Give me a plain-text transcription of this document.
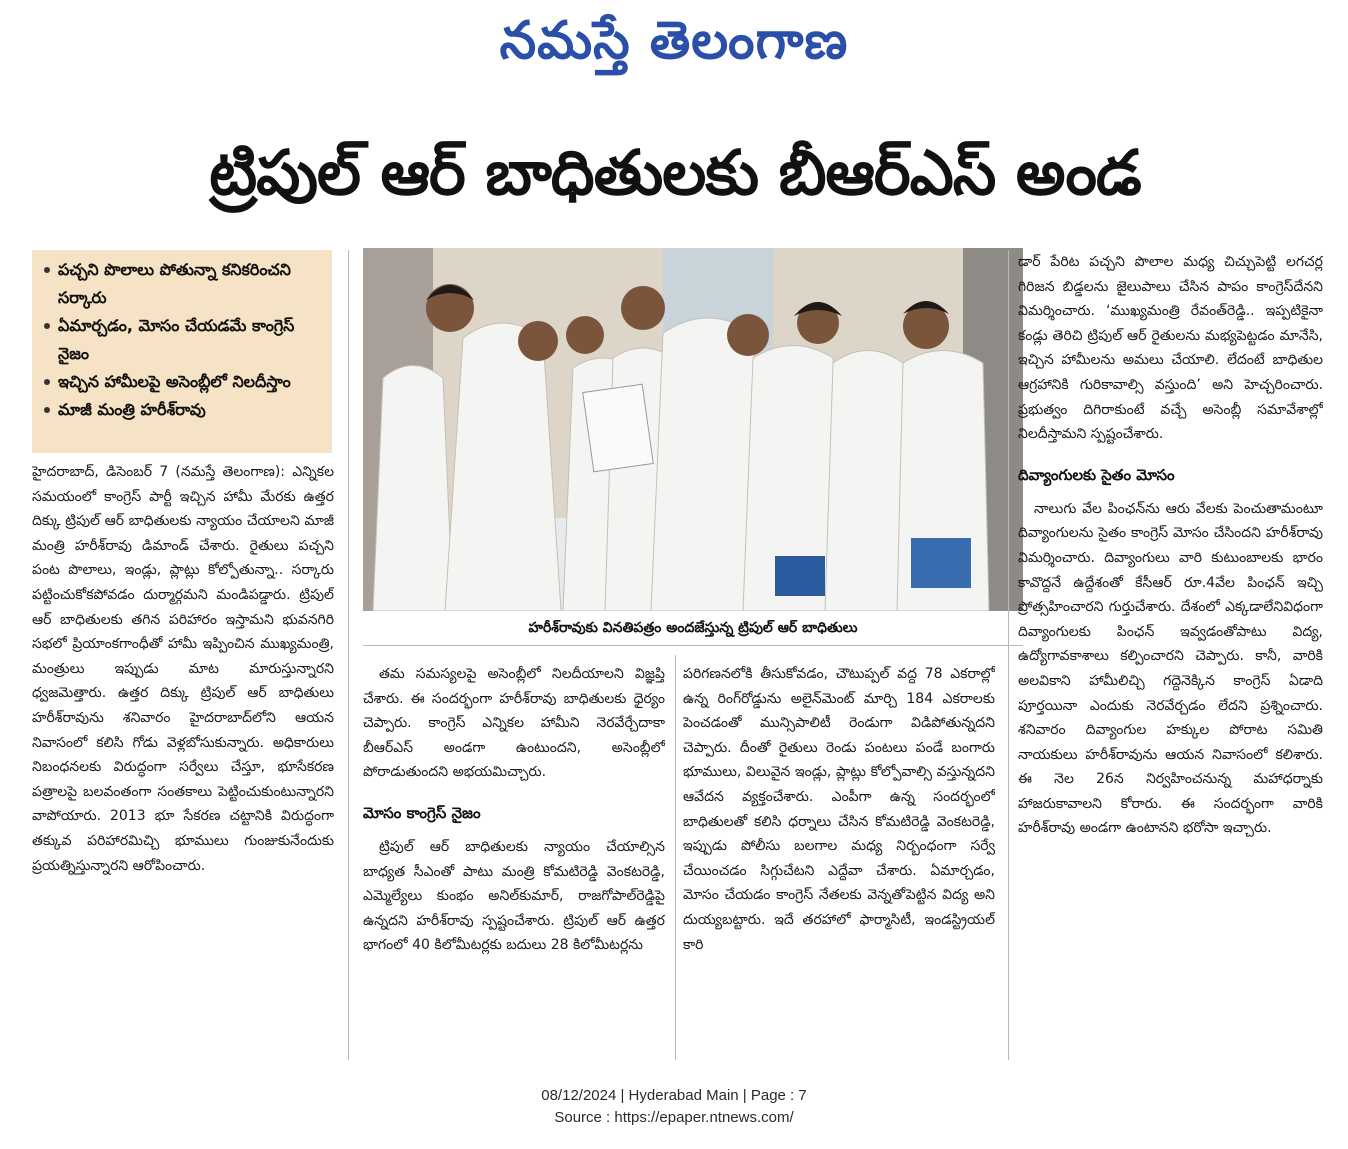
నమస్తే తెలంగాణ
ట్రిపుల్ ఆర్ బాధితులకు బీఆర్ఎస్ అండ
పచ్చని పొలాలు పోతున్నా కనికరించని సర్కారు
ఏమార్చడం, మోసం చేయడమే కాంగ్రెస్ నైజం
ఇచ్చిన హామీలపై అసెంబ్లీలో నిలదీస్తాం
మాజీ మంత్రి హరీశ్‌రావు

హైదరాబాద్, డిసెంబర్ 7 (నమస్తే తెలంగాణ): ఎన్నికల సమయంలో కాంగ్రెస్ పార్టీ ఇచ్చిన హామీ మేరకు ఉత్తర దిక్కు ట్రిపుల్ ఆర్ బాధితులకు న్యాయం చేయాలని మాజీ మంత్రి హరీశ్‌రావు డిమాండ్ చేశారు. రైతులు పచ్చని పంట పొలాలు, ఇండ్లు, ప్లాట్లు కోల్పోతున్నా.. సర్కారు పట్టించుకోకపోవడం దుర్మార్గమని మండిపడ్డారు. ట్రిపుల్ ఆర్ బాధితులకు తగిన పరిహారం ఇస్తామని భువనగిరి సభలో ప్రియాంకగాంధీతో హామీ ఇప్పించిన ముఖ్యమంత్రి, మంత్రులు ఇప్పుడు మాట మారుస్తున్నారని ధ్వజమెత్తారు. ఉత్తర దిక్కు ట్రిపుల్ ఆర్ బాధితులు హరీశ్‌రావును శనివారం హైదరాబాద్‌లోని ఆయన నివాసంలో కలిసి గోడు వెళ్లబోసుకున్నారు. అధికారులు నిబంధనలకు విరుద్ధంగా సర్వేలు చేస్తూ, భూసేకరణ పత్రాలపై బలవంతంగా సంతకాలు పెట్టించుకుంటున్నారని వాపోయారు. 2013 భూ సేకరణ చట్టానికి విరుద్ధంగా తక్కువ పరిహారమిచ్చి భూములు గుంజుకునేందుకు ప్రయత్నిస్తున్నారని ఆరోపించారు.

హరీశ్‌రావుకు వినతిపత్రం అందజేస్తున్న ట్రిపుల్ ఆర్ బాధితులు

తమ సమస్యలపై అసెంబ్లీలో నిలదీయాలని విజ్ఞప్తి చేశారు. ఈ సందర్భంగా హరీశ్‌రావు బాధితులకు ధైర్యం చెప్పారు. కాంగ్రెస్ ఎన్నికల హామీని నెరవేర్చేదాకా బీఆర్ఎస్ అండగా ఉంటుందని, అసెంబ్లీలో పోరాడుతుందని అభయమిచ్చారు.

మోసం కాంగ్రెస్ నైజం

ట్రిపుల్ ఆర్ బాధితులకు న్యాయం చేయాల్సిన బాధ్యత సీఎంతో పాటు మంత్రి కోమటిరెడ్డి వెంకటరెడ్డి, ఎమ్మెల్యేలు కుంభం అనిల్‌కుమార్, రాజగోపాల్‌రెడ్డిపై ఉన్నదని హరీశ్‌రావు స్పష్టంచేశారు. ట్రిపుల్ ఆర్ ఉత్తర భాగంలో 40 కిలోమీటర్లకు బదులు 28 కిలోమీటర్లను

పరిగణనలోకి తీసుకోవడం, చౌటుప్పల్ వద్ద 78 ఎకరాల్లో ఉన్న రింగ్‌రోడ్డును అలైన్‌మెంట్ మార్చి 184 ఎకరాలకు పెంచడంతో మున్సిపాలిటీ రెండుగా విడిపోతున్నదని చెప్పారు. దీంతో రైతులు రెండు పంటలు పండే బంగారు భూములు, విలువైన ఇండ్లు, ప్లాట్లు కోల్పోవాల్సి వస్తున్నదని ఆవేదన వ్యక్తంచేశారు. ఎంపీగా ఉన్న సందర్భంలో బాధితులతో కలిసి ధర్నాలు చేసిన కోమటిరెడ్డి వెంకటరెడ్డి, ఇప్పుడు పోలీసు బలగాల మధ్య నిర్బంధంగా సర్వే చేయించడం సిగ్గుచేటని ఎద్దేవా చేశారు. ఏమార్చడం, మోసం చేయడం కాంగ్రెస్ నేతలకు వెన్నతోపెట్టిన విద్య అని దుయ్యబట్టారు. ఇదే తరహాలో ఫార్మాసిటీ, ఇండస్ట్రియల్ కారి

డార్ పేరిట పచ్చని పొలాల మధ్య చిచ్చుపెట్టి లగచర్ల గిరిజన బిడ్డలను జైలుపాలు చేసిన పాపం కాంగ్రెస్‌దేనని విమర్శించారు. ‘ముఖ్యమంత్రి రేవంత్‌రెడ్డి.. ఇప్పటికైనా కండ్లు తెరిచి ట్రిపుల్ ఆర్ రైతులను మభ్యపెట్టడం మానేసి, ఇచ్చిన హామీలను అమలు చేయాలి. లేదంటే బాధితుల ఆగ్రహానికి గురికావాల్సి వస్తుంది’ అని హెచ్చరించారు. ప్రభుత్వం దిగిరాకుంటే వచ్చే అసెంబ్లీ సమావేశాల్లో నిలదీస్తామని స్పష్టంచేశారు.

దివ్యాంగులకు సైతం మోసం

నాలుగు వేల పింఛన్‌ను ఆరు వేలకు పెంచుతామంటూ దివ్యాంగులను సైతం కాంగ్రెస్ మోసం చేసిందని హరీశ్‌రావు విమర్శించారు. దివ్యాంగులు వారి కుటుంబాలకు భారం కావొద్దనే ఉద్దేశంతో కేసీఆర్ రూ.4వేల పింఛన్ ఇచ్చి ప్రోత్సహించారని గుర్తుచేశారు. దేశంలో ఎక్కడాలేనివిధంగా దివ్యాంగులకు పింఛన్ ఇవ్వడంతోపాటు విద్య, ఉద్యోగావకాశాలు కల్పించారని చెప్పారు. కానీ, వారికి అలవికాని హామీలిచ్చి గద్దెనెక్కిన కాంగ్రెస్ ఏడాది పూర్తయినా ఎందుకు నెరవేర్చడం లేదని ప్రశ్నించారు. శనివారం దివ్యాంగుల హక్కుల పోరాట సమితి నాయకులు హరీశ్‌రావును ఆయన నివాసంలో కలిశారు. ఈ నెల 26న నిర్వహించనున్న మహాధర్నాకు హాజరుకావాలని కోరారు. ఈ సందర్భంగా వారికి హరీశ్‌రావు అండగా ఉంటానని భరోసా ఇచ్చారు.

08/12/2024 | Hyderabad Main | Page : 7
Source : https://epaper.ntnews.com/
